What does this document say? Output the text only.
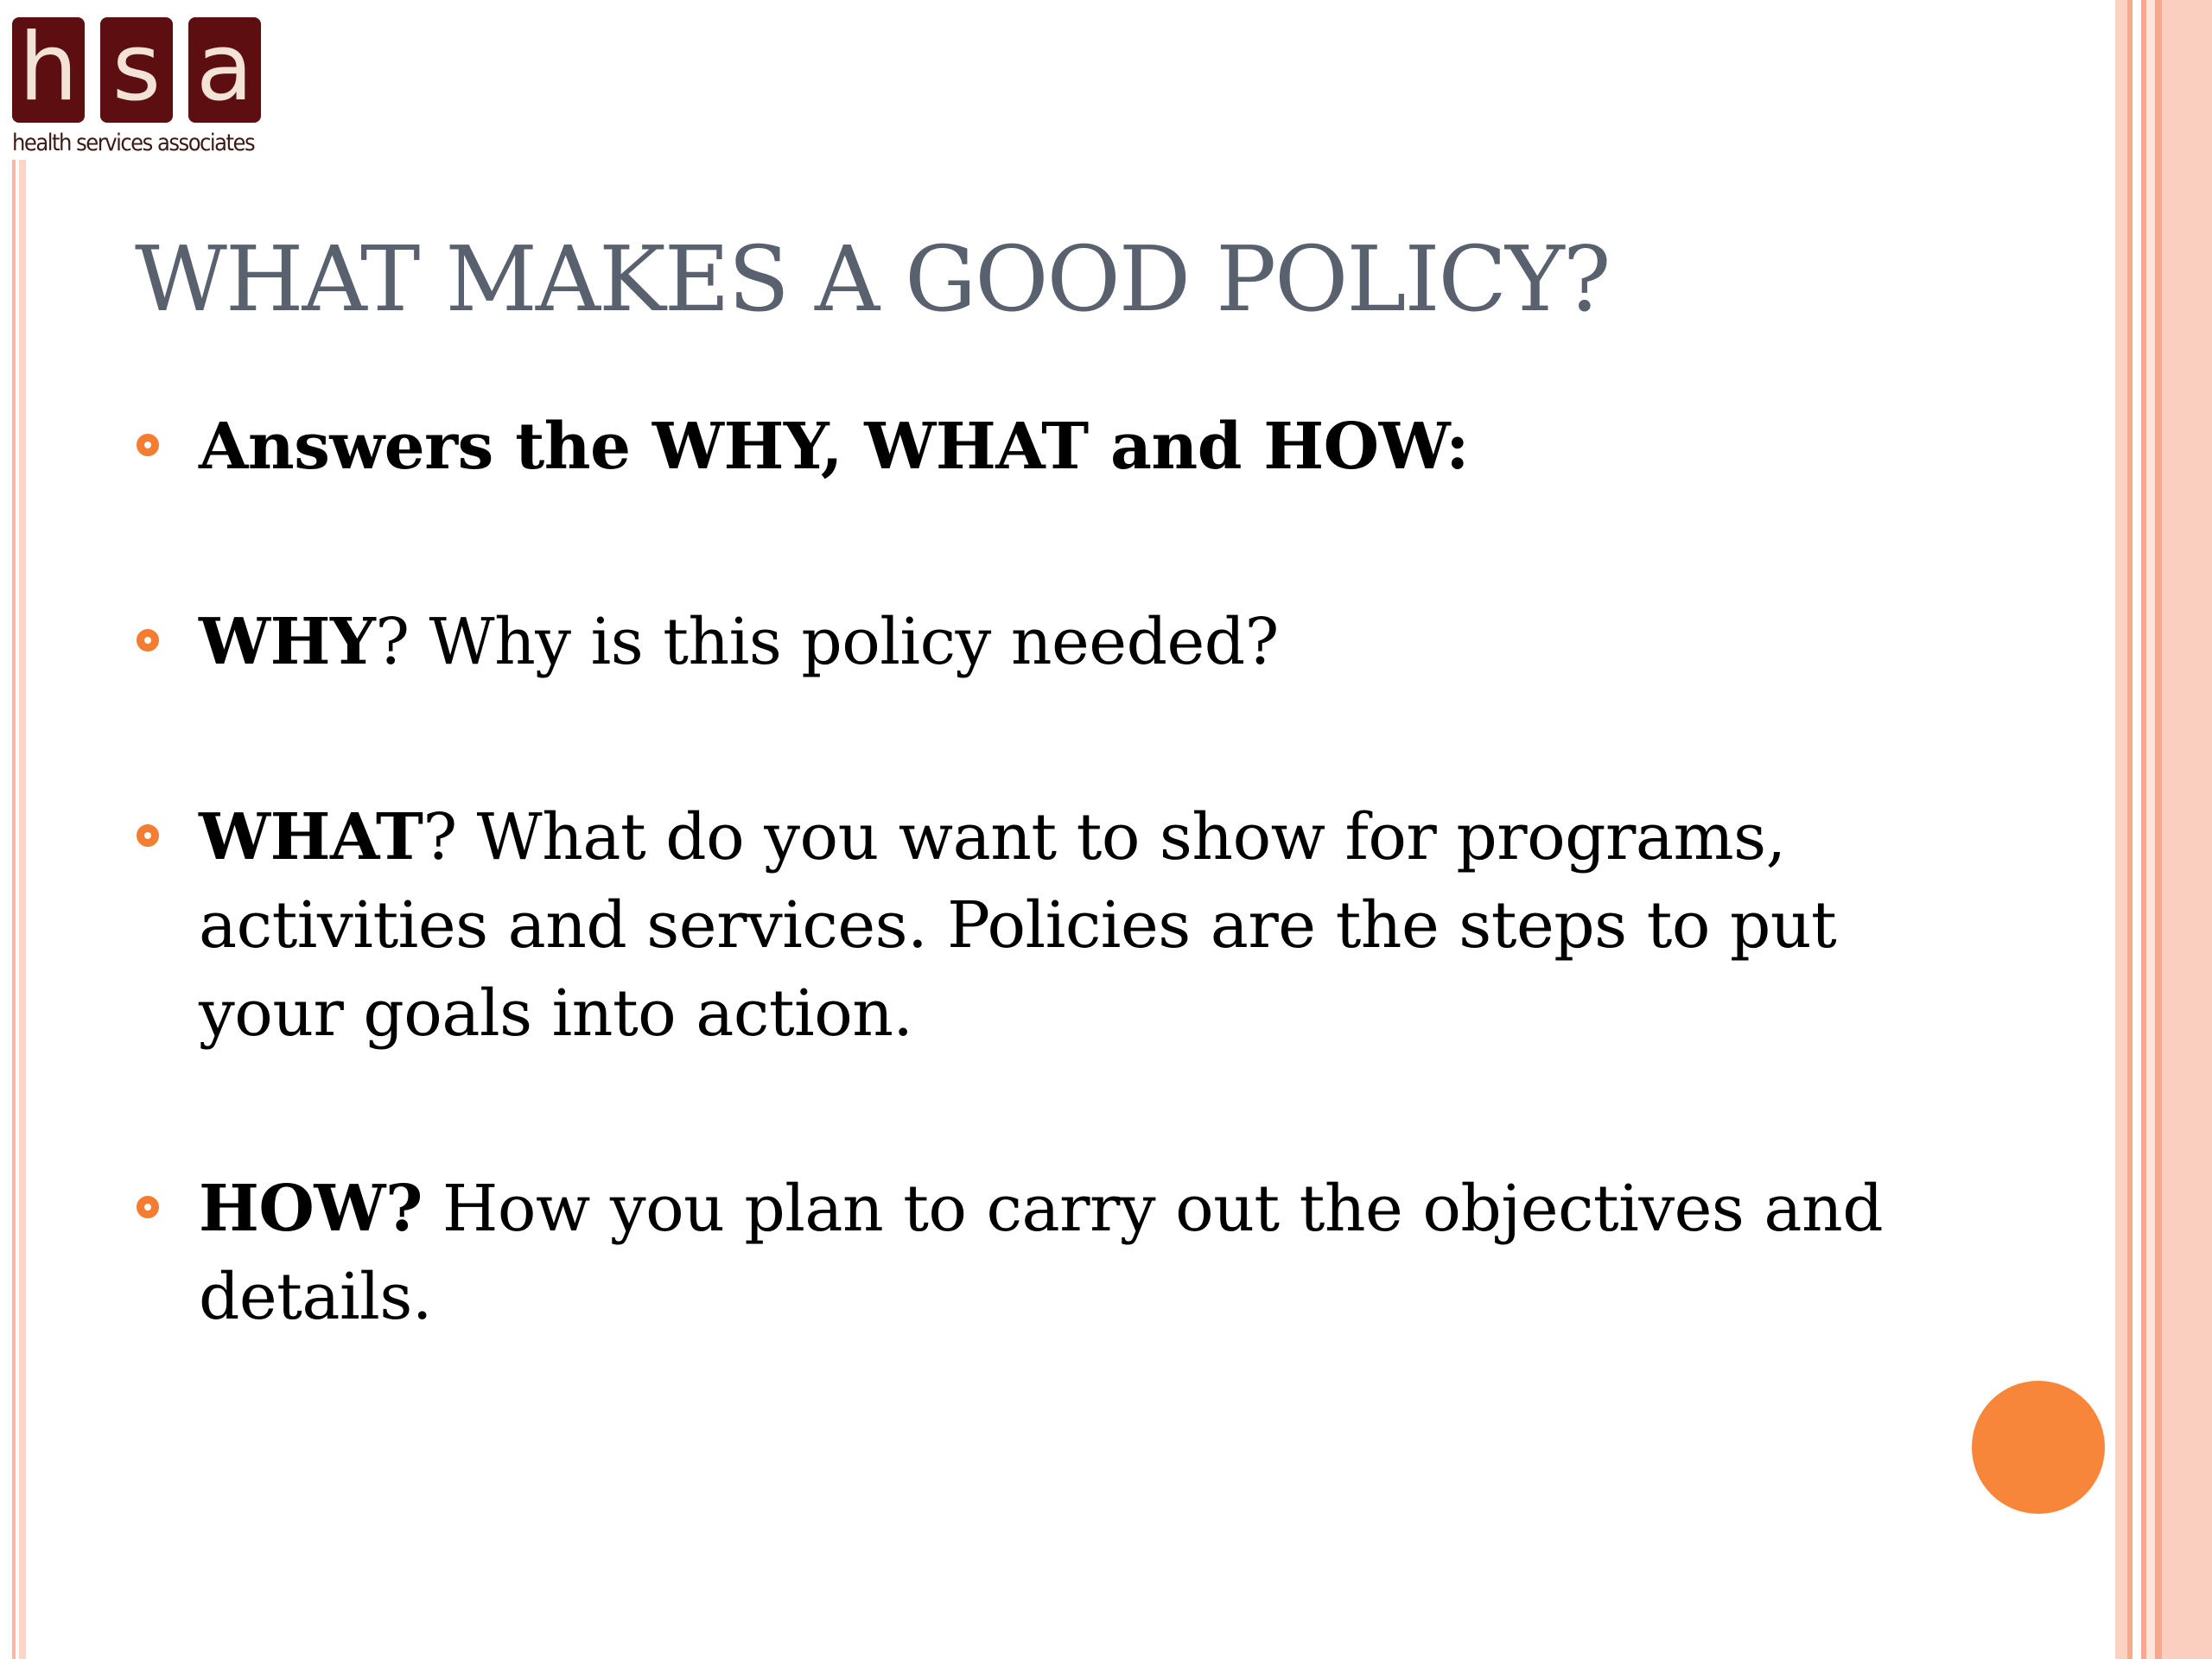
h s a
health services associates
WHAT MAKES A GOOD POLICY?
Answers the WHY, WHAT and HOW:
WHY? Why is this policy needed?
WHAT? What do you want to show for programs, activities and services. Policies are the steps to put your goals into action.
HOW? How you plan to carry out the objectives and details.
